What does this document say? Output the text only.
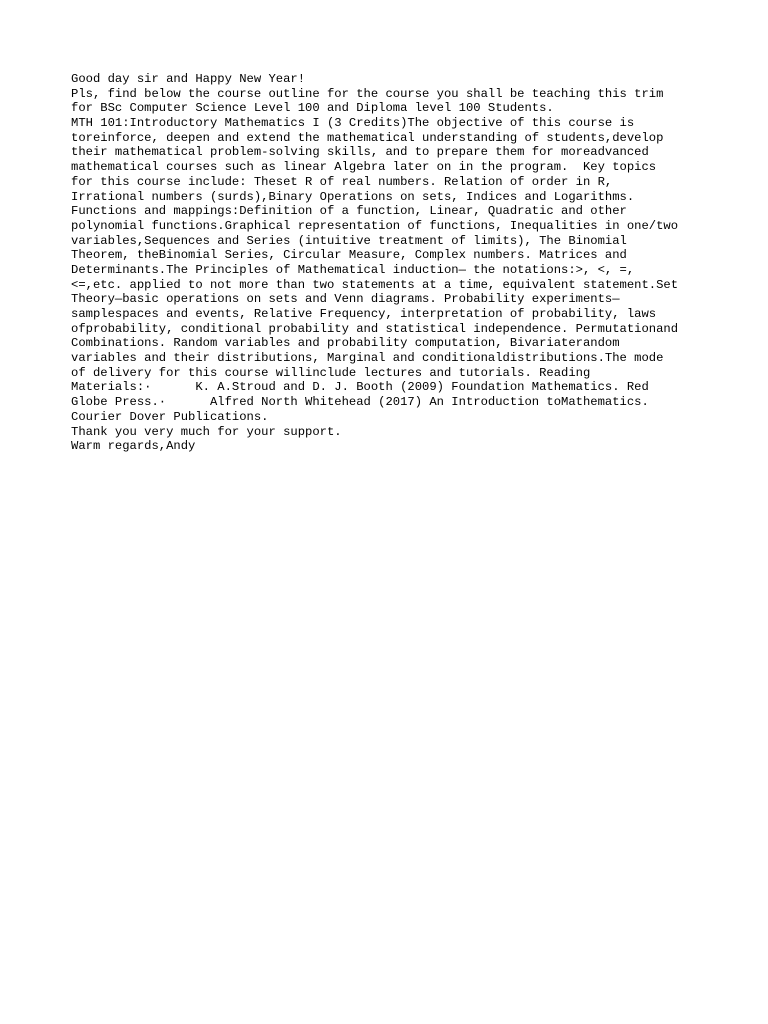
Good day sir and Happy New Year!
Pls, find below the course outline for the course you shall be teaching this trim
for BSc Computer Science Level 100 and Diploma level 100 Students.
MTH 101:Introductory Mathematics I (3 Credits)The objective of this course is
toreinforce, deepen and extend the mathematical understanding of students,develop
their mathematical problem-solving skills, and to prepare them for moreadvanced
mathematical courses such as linear Algebra later on in the program.  Key topics
for this course include: Theset R of real numbers. Relation of order in R,
Irrational numbers (surds),Binary Operations on sets, Indices and Logarithms.
Functions and mappings:Definition of a function, Linear, Quadratic and other
polynomial functions.Graphical representation of functions, Inequalities in one/two
variables,Sequences and Series (intuitive treatment of limits), The Binomial
Theorem, theBinomial Series, Circular Measure, Complex numbers. Matrices and
Determinants.The Principles of Mathematical induction— the notations:>, <, =,
<=,etc. applied to not more than two statements at a time, equivalent statement.Set
Theory—basic operations on sets and Venn diagrams. Probability experiments—
samplespaces and events, Relative Frequency, interpretation of probability, laws
ofprobability, conditional probability and statistical independence. Permutationand
Combinations. Random variables and probability computation, Bivariaterandom
variables and their distributions, Marginal and conditionaldistributions.The mode
of delivery for this course willinclude lectures and tutorials. Reading
Materials:·      K. A.Stroud and D. J. Booth (2009) Foundation Mathematics. Red
Globe Press.·      Alfred North Whitehead (2017) An Introduction toMathematics.
Courier Dover Publications.
Thank you very much for your support.
Warm regards,Andy
